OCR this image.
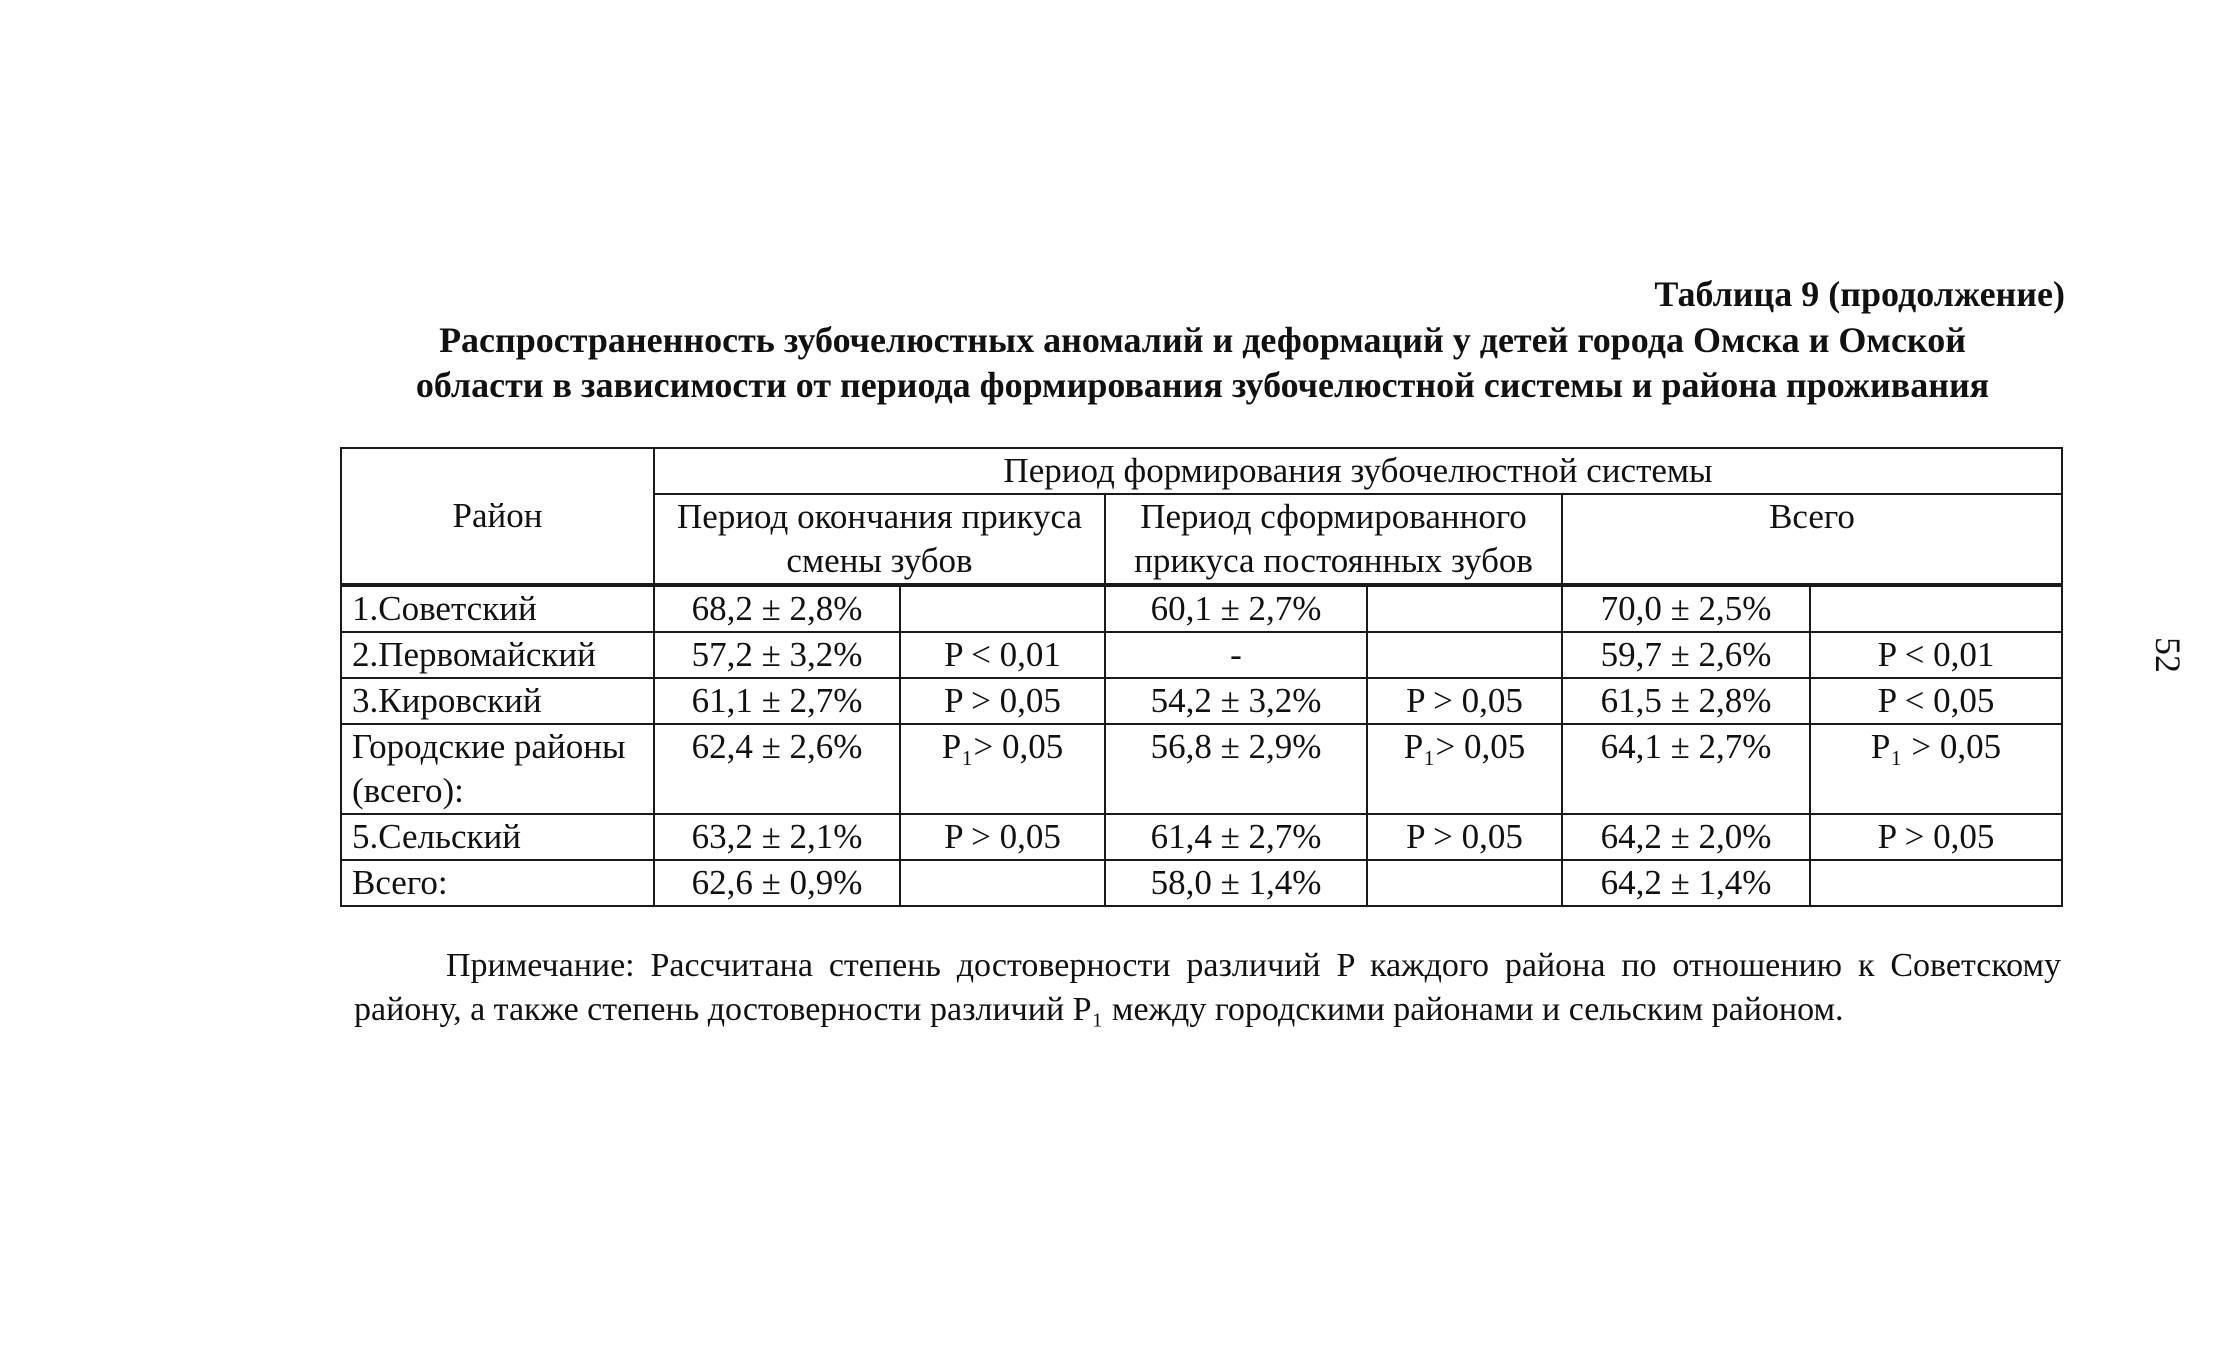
Таблица 9 (продолжение)
Распространенность зубочелюстных аномалий и деформаций у детей города Омска и Омской
области в зависимости от периода формирования зубочелюстной системы и района проживания
Район	Период формирования зубочелюстной системы					
	Период окончания прикуса смены зубов		Период сформированного прикуса постоянных зубов		Всего	
1.Советский	68,2 ± 2,8%		60,1 ± 2,7%		70,0 ± 2,5%	
2.Первомайский	57,2 ± 3,2%	P < 0,01	-		59,7 ± 2,6%	P < 0,01
3.Кировский	61,1 ± 2,7%	P > 0,05	54,2 ± 3,2%	P > 0,05	61,5 ± 2,8%	P < 0,05
Городские районы (всего):	62,4 ± 2,6%	P₁> 0,05	56,8 ± 2,9%	P₁> 0,05	64,1 ± 2,7%	P₁ > 0,05
5.Сельский	63,2 ± 2,1%	P > 0,05	61,4 ± 2,7%	P > 0,05	64,2 ± 2,0%	P > 0,05
Всего:	62,6 ± 0,9%		58,0 ± 1,4%		64,2 ± 1,4%	
52
Примечание: Рассчитана степень достоверности различий P каждого района по отношению к Советскому району, а также степень достоверности различий P₁ между городскими районами и сельским районом.
